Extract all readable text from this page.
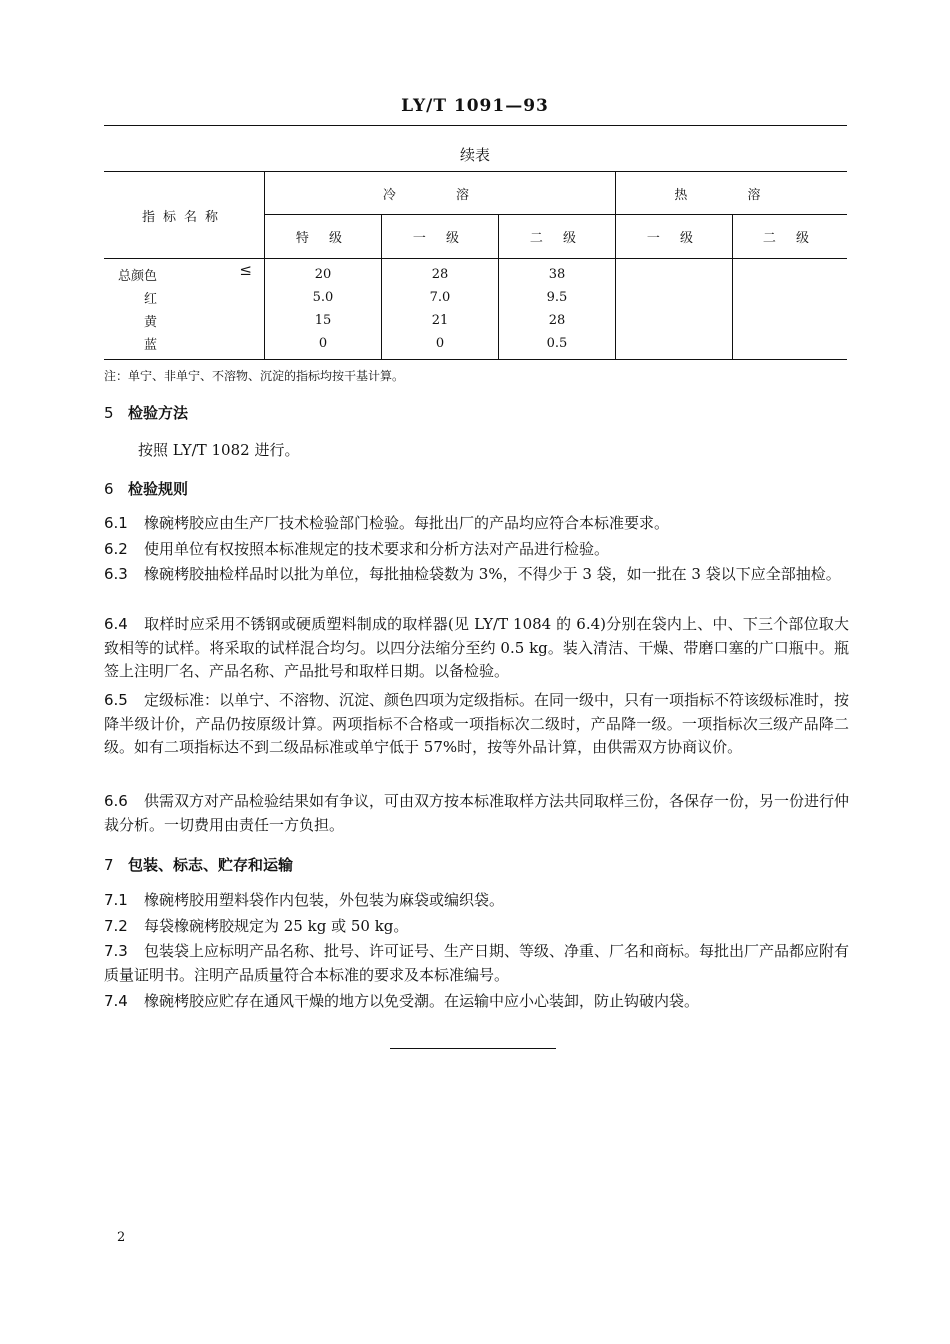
LY/T 1091—93
续表
指标名称	冷 溶			热 溶	
	特 级	一 级	二 级	一 级	二 级
总颜色 ≤	20	28	38		
红	5.0	7.0	9.5		
黄	15	21	28		
蓝	0	0	0.5		
注：单宁、非单宁、不溶物、沉淀的指标均按干基计算。
5 检验方法
按照 LY/T 1082 进行。
6 检验规则
6.1 橡碗栲胶应由生产厂技术检验部门检验。每批出厂的产品均应符合本标准要求。
6.2 使用单位有权按照本标准规定的技术要求和分析方法对产品进行检验。
6.3 橡碗栲胶抽检样品时以批为单位，每批抽检袋数为 3%，不得少于 3 袋，如一批在 3 袋以下应全部抽检。
6.4 取样时应采用不锈钢或硬质塑料制成的取样器(见 LY/T 1084 的 6.4)分别在袋内上、中、下三个部位取大致相等的试样。将采取的试样混合均匀。以四分法缩分至约 0.5 kg。装入清洁、干燥、带磨口塞的广口瓶中。瓶签上注明厂名、产品名称、产品批号和取样日期。以备检验。
6.5 定级标准：以单宁、不溶物、沉淀、颜色四项为定级指标。在同一级中，只有一项指标不符该级标准时，按降半级计价，产品仍按原级计算。两项指标不合格或一项指标次二级时，产品降一级。一项指标次三级产品降二级。如有二项指标达不到二级品标准或单宁低于 57%时，按等外品计算，由供需双方协商议价。
6.6 供需双方对产品检验结果如有争议，可由双方按本标准取样方法共同取样三份，各保存一份，另一份进行仲裁分析。一切费用由责任一方负担。
7 包装、标志、贮存和运输
7.1 橡碗栲胶用塑料袋作内包装，外包装为麻袋或编织袋。
7.2 每袋橡碗栲胶规定为 25 kg 或 50 kg。
7.3 包装袋上应标明产品名称、批号、许可证号、生产日期、等级、净重、厂名和商标。每批出厂产品都应附有质量证明书。注明产品质量符合本标准的要求及本标准编号。
7.4 橡碗栲胶应贮存在通风干燥的地方以免受潮。在运输中应小心装卸，防止钩破内袋。
2
